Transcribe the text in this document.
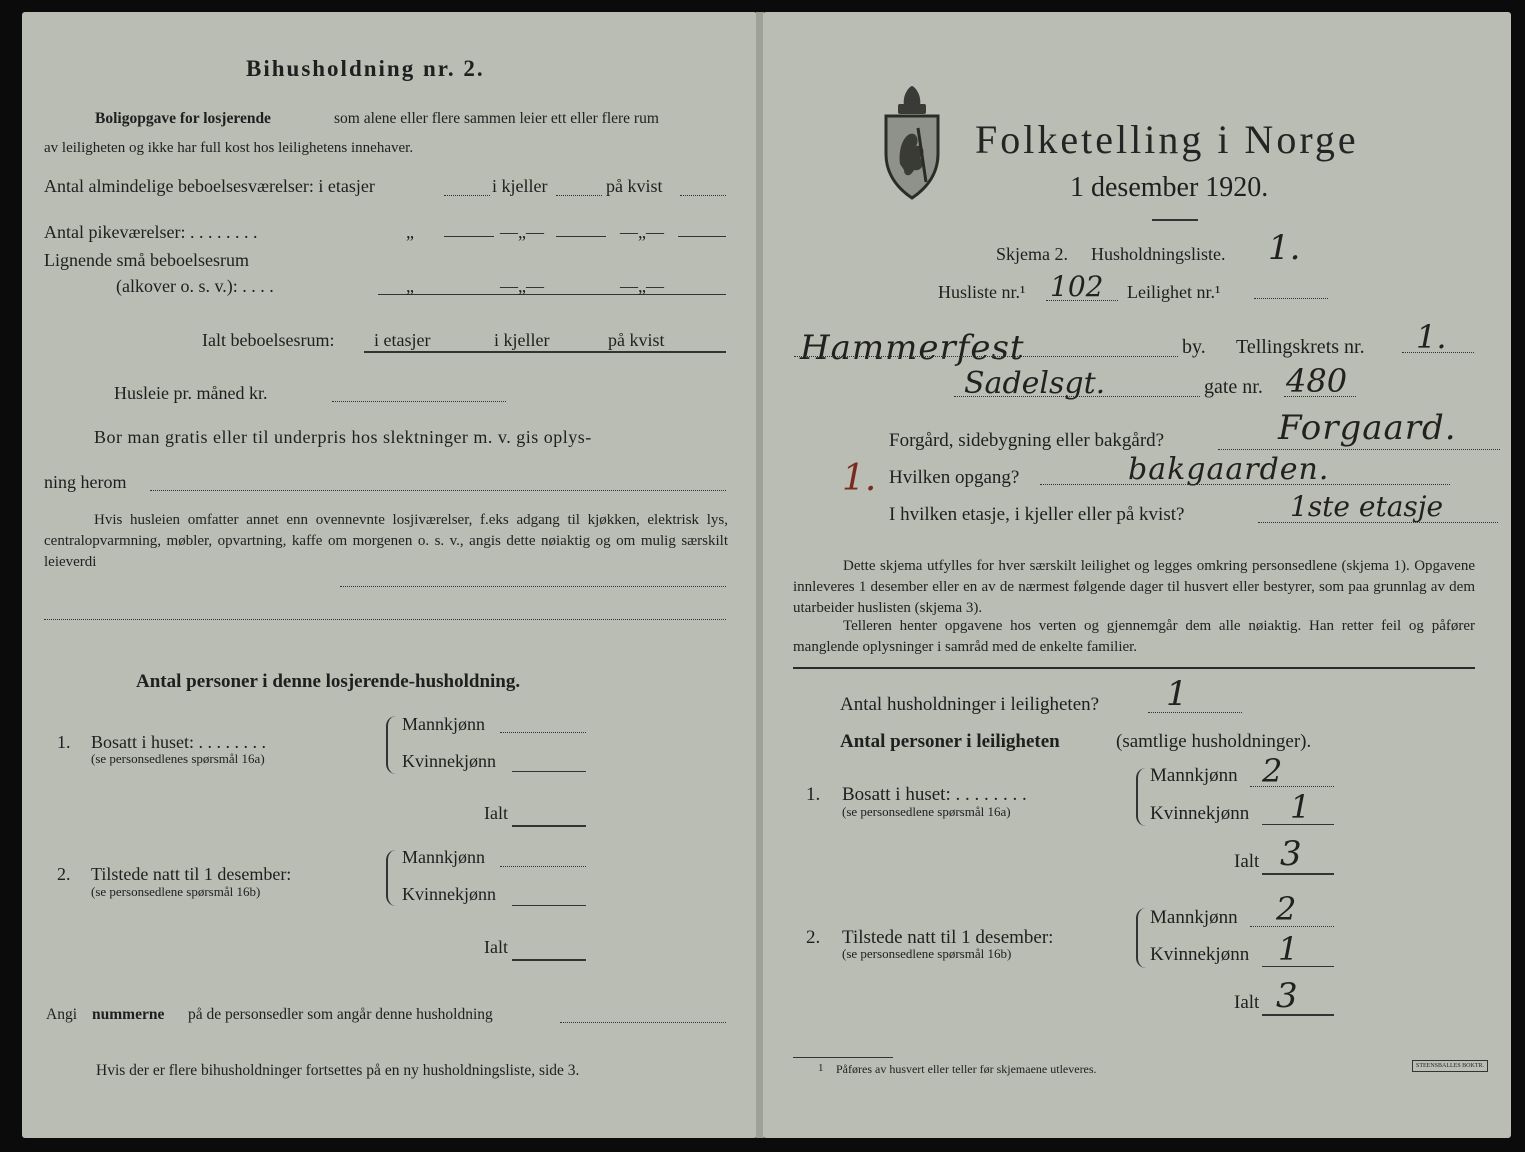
Bihusholdning nr. 2.
Boligopgave for losjerende	som alene eller flere sammen leier ett eller flere rum
av leiligheten og ikke har full kost hos leilighetens innehaver.
Antal almindelige beboelsesværelser: i etasjer	i kjeller	på kvist
Antal pikeværelser: . . . . . . . .	„	—„—	—„—
Lignende små beboelsesrum
(alkover o. s. v.): . . . .	„	—„—	—„—
Ialt beboelsesrum: i etasjer	i kjeller	på kvist
Husleie pr. måned kr.
Bor man gratis eller til underpris hos slektninger m. v. gis oplys-
ning herom
Hvis husleien omfatter annet enn ovennevnte losjiværelser, f.eks adgang til kjøkken, elektrisk lys, centralopvarmning, møbler, opvartning, kaffe om morgenen o. s. v., angis dette nøiaktig og om mulig særskilt leieverdi
Antal personer i denne losjerende-husholdning.
1. Bosatt i huset: . . . . . . . .
(se personsedlenes spørsmål 16a)
Mannkjønn
Kvinnekjønn
Ialt
2. Tilstede natt til 1 desember:
(se personsedlene spørsmål 16b)
Mannkjønn
Kvinnekjønn
Ialt
Angi nummerne på de personsedler som angår denne husholdning
Hvis der er flere bihusholdninger fortsettes på en ny husholdningsliste, side 3.
Folketelling i Norge
1 desember 1920.
Skjema 2. Husholdningsliste. 1.
Husliste nr.¹ 102 Leilighet nr.¹
Hammerfest	by. Tellingskrets nr. 1.
Sadelsgt.	gate nr. 480
Forgård, sidebygning eller bakgård?	Forgaard.
1. Hvilken opgang?	bakgaarden.
I hvilken etasje, i kjeller eller på kvist?	1ste etasje
Dette skjema utfylles for hver særskilt leilighet og legges omkring personsedlene (skjema 1). Opgavene innleveres 1 desember eller en av de nærmest følgende dager til husvert eller bestyrer, som paa grunnlag av dem utarbeider huslisten (skjema 3).
Telleren henter opgavene hos verten og gjennemgår dem alle nøiaktig. Han retter feil og påfører manglende oplysninger i samråd med de enkelte familier.
Antal husholdninger i leiligheten? 1
Antal personer i leiligheten	(samtlige husholdninger).
1. Bosatt i huset: . . . . . . . .
(se personsedlene spørsmål 16a)
Mannkjønn 2
Kvinnekjønn 1
Ialt 3
2. Tilstede natt til 1 desember:
(se personsedlene spørsmål 16b)
Mannkjønn 2
Kvinnekjønn 1
Ialt 3
1 Påføres av husvert eller teller før skjemaene utleveres.	STEENSBALLES BOKTR.
